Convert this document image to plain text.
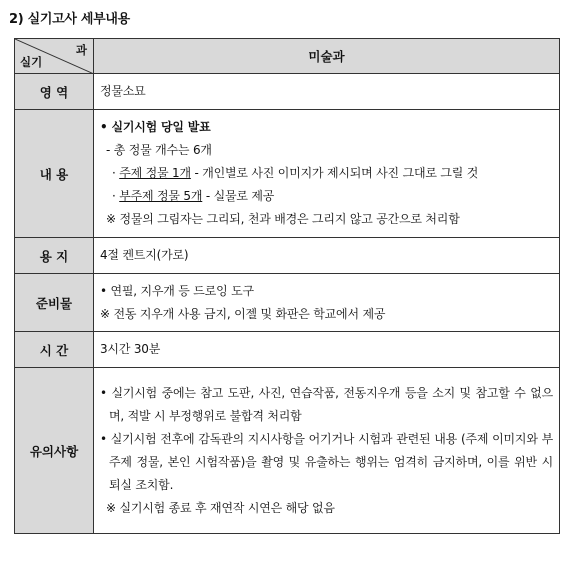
2) 실기고사 세부내용
과
실기	미술과
영 역	정물소묘
내 용	• 실기시험 당일 발표
- 총 정물 개수는 6개
· 주제 정물 1개 - 개인별로 사진 이미지가 제시되며 사진 그대로 그릴 것
· 부주제 정물 5개 - 실물로 제공
※ 정물의 그림자는 그리되, 천과 배경은 그리지 않고 공간으로 처리함

용 지	4절 켄트지(가로)
준비물	• 연필, 지우개 등 드로잉 도구
※ 전동 지우개 사용 금지, 이젤 및 화판은 학교에서 제공

시 간	3시간 30분
유의사항	• 실기시험 중에는 참고 도판, 사진, 연습작품, 전동지우개 등을 소지 및 참고할 수 없으며, 적발 시 부정행위로 불합격 처리함
• 실기시험 전후에 감독관의 지시사항을 어기거나 시험과 관련된 내용 (주제 이미지와 부주제 정물, 본인 시험작품)을 촬영 및 유출하는 행위는 엄격히 금지하며, 이를 위반 시 퇴실 조치함.
※ 실기시험 종료 후 재연작 시연은 해당 없음
